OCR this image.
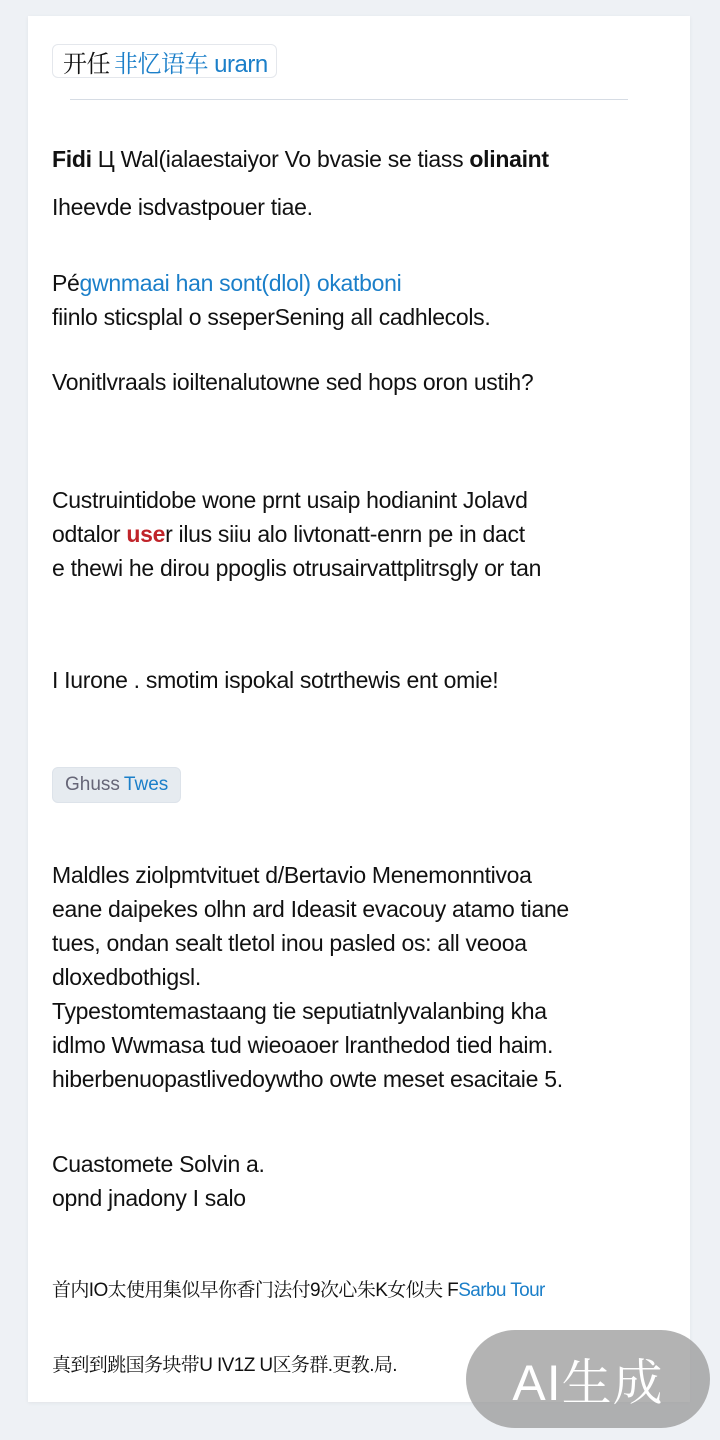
开任 非忆语车 urarn
Fidi Ц Wal(ialaestaiyor Vo bvasie se tiass olinaint
Iheevde isdvastpouer tiae.
Pégwnmaai han sont(dlol) okatboni
fiinlo sticsplal o sseperSening all cadhlecols.
Vonitlvraals ioiltenalutowne sed hops oron ustih?
Custruintidobe wone prnt usaip hodianint Jolavd
odtalor user ilus siiu alo livtonatt-enrn pe in dact
e thewi he dirou ppoglis otrusairvattplitrsgly or tan
I Iurone . smotim ispokal sotrthewis ent omie!
Ghuss Twes
Maldles ziolpmtvituet d/Bertavio Menemonntivoa
eane daipekes olhn ard Ideasit evacouy atamo tiane
tues, ondan sealt tletol inou pasled os: all veooa
dloxedbothigsl.
Typestomtemastaang tie seputiatnlyvalanbing kha
idlmo Wwmasa tud wieoaoer lranthedod tied haim.
hiberbenuopastlivedoywtho owte meset esacitaie 5.
Cuastomete Solvin a.
opnd jnadony I salo
首内IO太使用集似早你香门法付9次心朱K女似夫 FSarbu Tour
真到到跳国务块带U IV1Z U区务群.更教.局. AI生成
